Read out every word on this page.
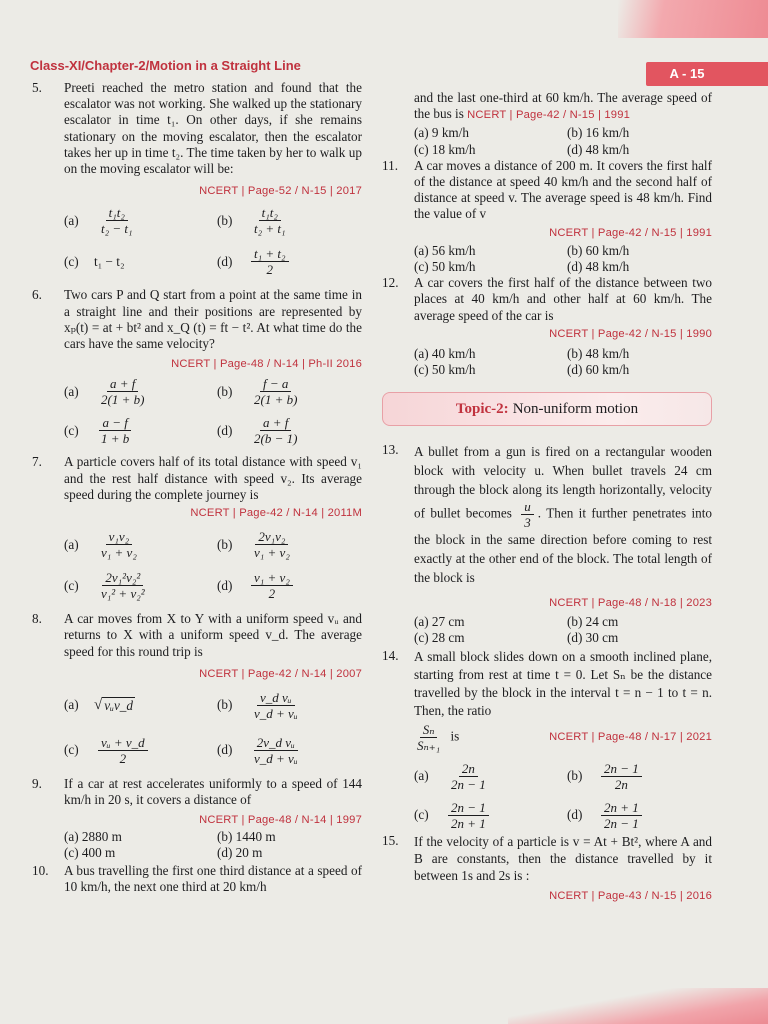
A - 15
Class-XI/Chapter-2/Motion in a Straight Line
5. Preeti reached the metro station and found that the escalator was not working. She walked up the stationary escalator in time t₁. On other days, if she remains stationary on the moving escalator, then the escalator takes her up in time t₂. The time taken by her to walk up on the moving escalator will be:
NCERT | Page-52 / N-15 | 2017
(a)	$\frac{\text{t₁t₂}}{\text{t₂ − t₁}}$	(b)	$\frac{\text{t₁t₂}}{\text{t₂ + t₁}}$
(c)	t₁ − t₂	(d)	$\frac{\text{t₁ + t₂}}{2}$
6. Two cars P and Q start from a point at the same time in a straight line and their positions are represented by xₚ(t) = at + bt² and x_Q (t) = ft − t². At what time do the cars have the same velocity?
NCERT | Page-48 / N-14 | Ph-II 2016
(a)	$\frac{a + f}{2(1 + b)}$	(b)	$\frac{f - a}{2(1 + b)}$
(c)	$\frac{a - f}{1 + b}$	(d)	$\frac{a + f}{2(b - 1)}$
7. A particle covers half of its total distance with speed v₁ and the rest half distance with speed v₂. Its average speed during the complete journey is
NCERT | Page-42 / N-14 | 2011M
(a)	$\frac{\text{v₁v₂}}{\text{v₁ + v₂}}$	(b)	$\frac{\text{2v₁v₂}}{\text{v₁ + v₂}}$
(c)	$\frac{\text{2v₁²v₂²}}{\text{v₁² + v₂²}}$	(d)	$\frac{\text{v₁ + v₂}}{2}$
8. A car moves from X to Y with a uniform speed vᵤ and returns to X with a uniform speed v_d. The average speed for this round trip is
NCERT | Page-42 / N-14 | 2007
(a)	√ vᵤv_d	(b)	$\frac{\text{v\_d vᵤ}}{\text{v\_d + vᵤ}}$
(c)	$\frac{\text{vᵤ + v\_d}}{2}$	(d)	$\frac{\text{2v\_d vᵤ}}{\text{v\_d + vᵤ}}$
9. If a car at rest accelerates uniformly to a speed of 144 km/h in 20 s, it covers a distance of
NCERT | Page-48 / N-14 | 1997
(a) 2880 m	(b) 1440 m
(c) 400 m	(d) 20 m
10. A bus travelling the first one third distance at a speed of 10 km/h, the next one third at 20 km/h
and the last one-third at 60 km/h. The average speed of the bus is NCERT | Page-42 / N-15 | 1991
(a) 9 km/h	(b) 16 km/h
(c) 18 km/h	(d) 48 km/h
11. A car moves a distance of 200 m. It covers the first half of the distance at speed 40 km/h and the second half of distance at speed v. The average speed is 48 km/h. Find the value of v
NCERT | Page-42 / N-15 | 1991
(a) 56 km/h	(b) 60 km/h
(c) 50 km/h	(d) 48 km/h
12. A car covers the first half of the distance between two places at 40 km/h and other half at 60 km/h. The average speed of the car is
NCERT | Page-42 / N-15 | 1990
(a) 40 km/h	(b) 48 km/h
(c) 50 km/h	(d) 60 km/h
Topic-2: Non-uniform motion
13. A bullet from a gun is fired on a rectangular wooden block with velocity u. When bullet travels 24 cm through the block along its length horizontally, velocity of bullet becomes $\frac{u}{3}$ . Then it further penetrates into the block in the same direction before coming to rest exactly at the other end of the block. The total length of the block is
NCERT | Page-48 / N-18 | 2023
(a) 27 cm	(b) 24 cm
(c) 28 cm	(d) 30 cm
14. A small block slides down on a smooth inclined plane, starting from rest at time t = 0. Let Sₙ be the distance travelled by the block in the interval t = n − 1 to t = n. Then, the ratio
$\frac{\text{Sₙ}}{\text{Sₙ₊₁}}$ is	NCERT | Page-48 / N-17 | 2021
(a)	$\frac{2n}{2n - 1}$	(b)	$\frac{2n - 1}{2n}$
(c)	$\frac{2n - 1}{2n + 1}$	(d)	$\frac{2n + 1}{2n - 1}$
15. If the velocity of a particle is v = At + Bt², where A and B are constants, then the distance travelled by it between 1s and 2s is :
NCERT | Page-43 / N-15 | 2016
